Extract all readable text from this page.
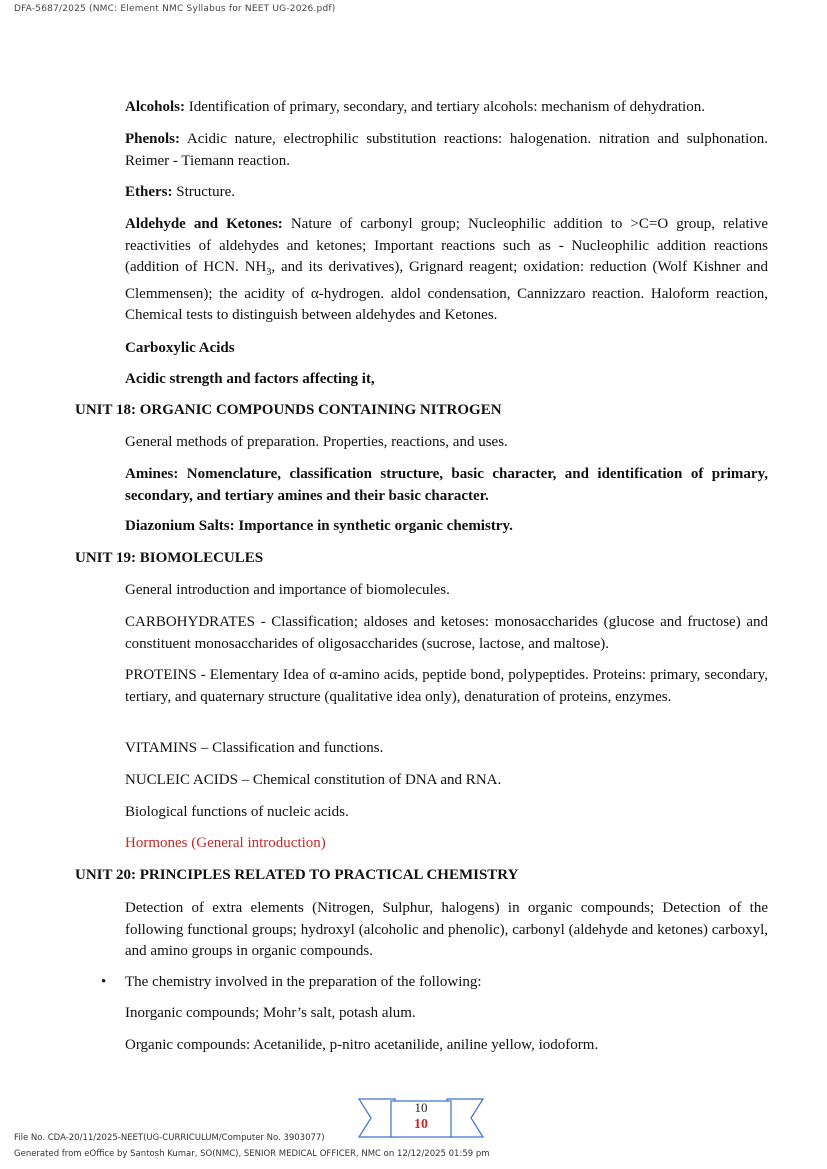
DFA-5687/2025 (NMC: Element NMC Syllabus for NEET UG-2026.pdf)

Alcohols: Identification of primary, secondary, and tertiary alcohols: mechanism of dehydration.

Phenols: Acidic nature, electrophilic substitution reactions: halogenation. nitration and sulphonation. Reimer - Tiemann reaction.

Ethers: Structure.

Aldehyde and Ketones: Nature of carbonyl group; Nucleophilic addition to >C=O group, relative reactivities of aldehydes and ketones; Important reactions such as - Nucleophilic addition reactions (addition of HCN. $NH_3$, and its derivatives), Grignard reagent; oxidation: reduction (Wolf Kishner and Clemmensen); the acidity of α-hydrogen. aldol condensation, Cannizzaro reaction. Haloform reaction, Chemical tests to distinguish between aldehydes and Ketones.

Carboxylic Acids

Acidic strength and factors affecting it,

UNIT 18: ORGANIC COMPOUNDS CONTAINING NITROGEN

General methods of preparation. Properties, reactions, and uses.

Amines: Nomenclature, classification structure, basic character, and identification of primary, secondary, and tertiary amines and their basic character.

Diazonium Salts: Importance in synthetic organic chemistry.

UNIT 19: BIOMOLECULES

General introduction and importance of biomolecules.

CARBOHYDRATES - Classification; aldoses and ketoses: monosaccharides (glucose and fructose) and constituent monosaccharides of oligosaccharides (sucrose, lactose, and maltose).

PROTEINS - Elementary Idea of α-amino acids, peptide bond, polypeptides. Proteins: primary, secondary, tertiary, and quaternary structure (qualitative idea only), denaturation of proteins, enzymes.

VITAMINS – Classification and functions.

NUCLEIC ACIDS – Chemical constitution of DNA and RNA.

Biological functions of nucleic acids.

Hormones (General introduction)

UNIT 20: PRINCIPLES RELATED TO PRACTICAL CHEMISTRY

Detection of extra elements (Nitrogen, Sulphur, halogens) in organic compounds; Detection of the following functional groups; hydroxyl (alcoholic and phenolic), carbonyl (aldehyde and ketones) carboxyl, and amino groups in organic compounds.

• The chemistry involved in the preparation of the following:

Inorganic compounds; Mohr’s salt, potash alum.

Organic compounds: Acetanilide, p-nitro acetanilide, aniline yellow, iodoform.

10
10
File No. CDA-20/11/2025-NEET(UG-CURRICULUM/Computer No. 3903077)
Generated from eOffice by Santosh Kumar, SO(NMC), SENIOR MEDICAL OFFICER, NMC on 12/12/2025 01:59 pm
